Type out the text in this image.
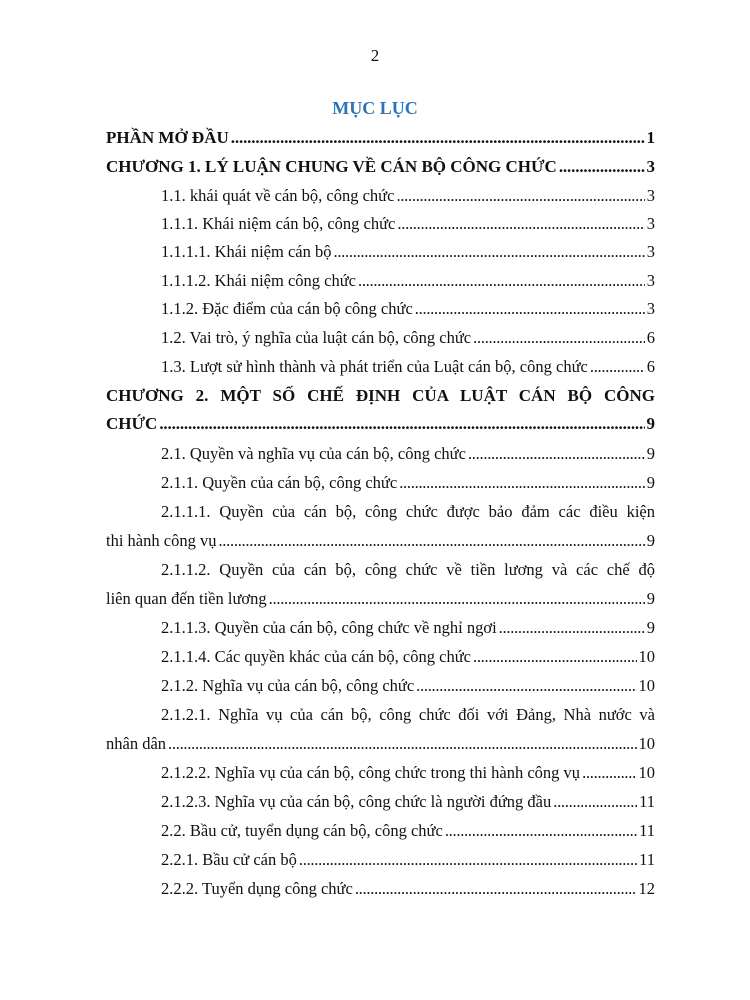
2
MỤC LỤC
PHẦN MỞ ĐẦU . . .	1
CHƯƠNG 1. LÝ LUẬN CHUNG VỀ CÁN BỘ CÔNG CHỨC . . .	3
1.1. khái quát về cán bộ, công chức . . .	3
1.1.1. Khái niệm cán bộ, công chức . . .	3
1.1.1.1. Khái niệm cán bộ . . .	3
1.1.1.2. Khái niệm công chức . . .	3
1.1.2. Đặc điểm của cán bộ công chức . . .	3
1.2. Vai trò, ý nghĩa của luật cán bộ, công chức . . .	6
1.3. Lượt sử hình thành và phát triển của Luật cán bộ, công chức . . .	6
CHƯƠNG 2. MỘT SỐ CHẾ ĐỊNH CỦA LUẬT CÁN BỘ CÔNG
CHỨC . . .	9
2.1. Quyền và nghĩa vụ của cán bộ, công chức . . .	9
2.1.1. Quyền của cán bộ, công chức . . .	9
2.1.1.1. Quyền của cán bộ, công chức được bảo đảm các điều kiện
thi hành công vụ . . .	9
2.1.1.2. Quyền của cán bộ, công chức về tiền lương và các chế độ
liên quan đến tiền lương . . .	9
2.1.1.3. Quyền của cán bộ, công chức về nghỉ ngơi . . .	9
2.1.1.4. Các quyền khác của cán bộ, công chức . . .	10
2.1.2. Nghĩa vụ của cán bộ, công chức . . .	10
2.1.2.1. Nghĩa vụ của cán bộ, công chức đối với Đảng, Nhà nước và
nhân dân . . .	10
2.1.2.2. Nghĩa vụ của cán bộ, công chức trong thi hành công vụ . . .	10
2.1.2.3. Nghĩa vụ của cán bộ, công chức là người đứng đầu . . .	11
2.2. Bầu cử, tuyển dụng cán bộ, công chức . . .	11
2.2.1. Bầu cử cán bộ . . .	11
2.2.2. Tuyển dụng công chức . . .	12
